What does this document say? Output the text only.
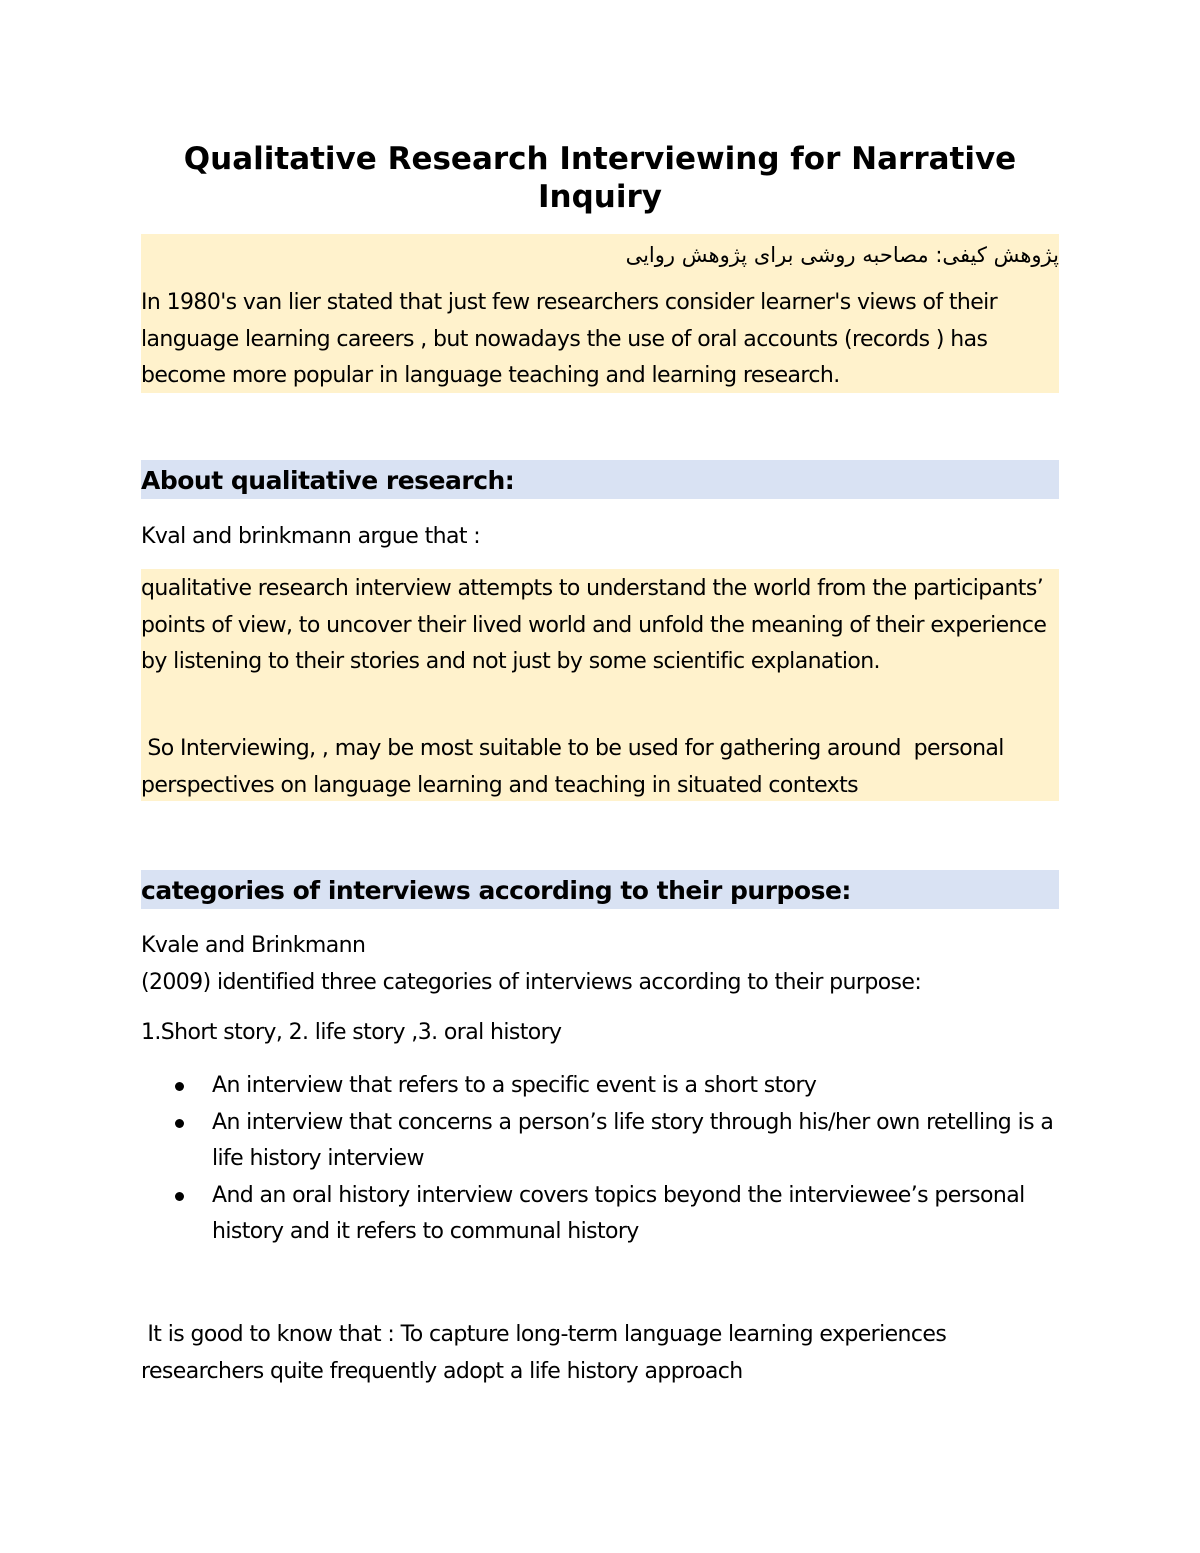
Qualitative Research Interviewing for Narrative Inquiry

پژوهش کیفی: مصاحبه روشی برای پژوهش روایی

In 1980's van lier stated that just few researchers consider learner's views of their language learning careers , but nowadays the use of oral accounts (records ) has become more popular in language teaching and learning research.

About qualitative research:

Kval and brinkmann argue that :

qualitative research interview attempts to understand the world from the participants’ points of view, to uncover their lived world and unfold the meaning of their experience by listening to their stories and not just by some scientific explanation.

So Interviewing, , may be most suitable to be used for gathering around  personal perspectives on language learning and teaching in situated contexts

categories of interviews according to their purpose:

Kvale and Brinkmann

(2009) identified three categories of interviews according to their purpose:

1.Short story, 2. life story ,3. oral history

An interview that refers to a specific event is a short story
An interview that concerns a person’s life story through his/her own retelling is a life history interview
And an oral history interview covers topics beyond the interviewee’s personal history and it refers to communal history

It is good to know that : To capture long-term language learning experiences researchers quite frequently adopt a life history approach
